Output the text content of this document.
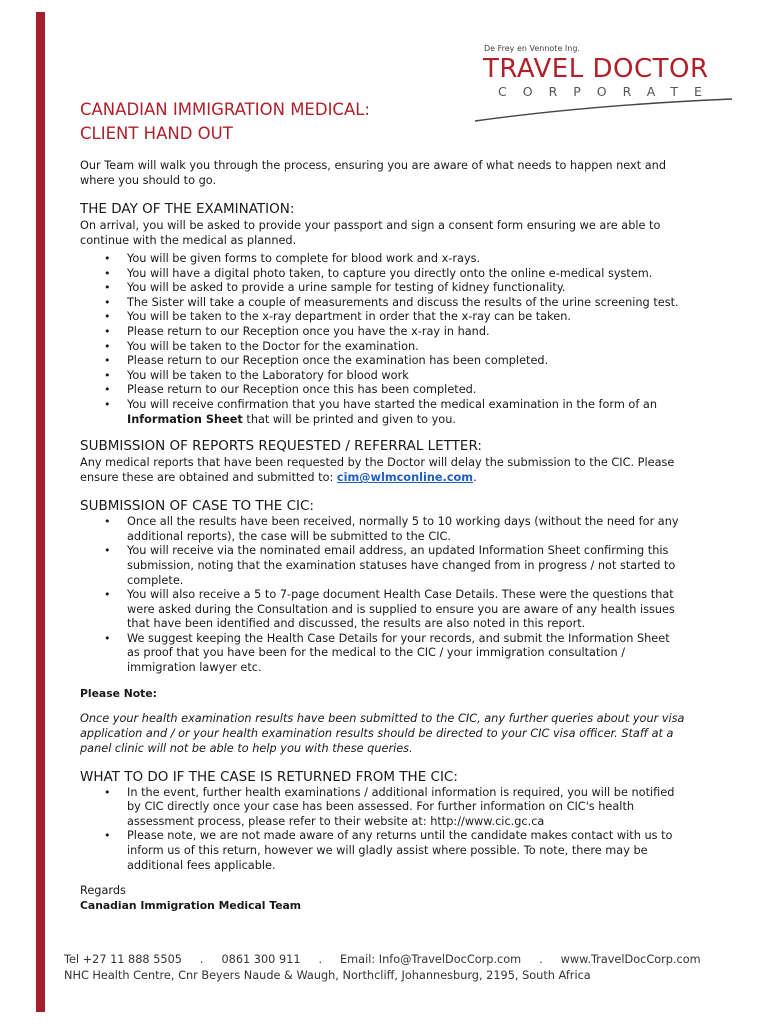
De Frey en Vennote Ing.
TRAVEL DOCTOR
CORPORATE
CANADIAN IMMIGRATION MEDICAL:
CLIENT HAND OUT

Our Team will walk you through the process, ensuring you are aware of what needs to happen next and where you should to go.

THE DAY OF THE EXAMINATION:

On arrival, you will be asked to provide your passport and sign a consent form ensuring we are able to continue with the medical as planned.

• You will be given forms to complete for blood work and x-rays.
• You will have a digital photo taken, to capture you directly onto the online e-medical system.
• You will be asked to provide a urine sample for testing of kidney functionality.
• The Sister will take a couple of measurements and discuss the results of the urine screening test.
• You will be taken to the x-ray department in order that the x-ray can be taken.
• Please return to our Reception once you have the x-ray in hand.
• You will be taken to the Doctor for the examination.
• Please return to our Reception once the examination has been completed.
• You will be taken to the Laboratory for blood work
• Please return to our Reception once this has been completed.
• You will receive confirmation that you have started the medical examination in the form of an Information Sheet that will be printed and given to you.
SUBMISSION OF REPORTS REQUESTED / REFERRAL LETTER:

Any medical reports that have been requested by the Doctor will delay the submission to the CIC. Please ensure these are obtained and submitted to: cim@wlmconline.com.

SUBMISSION OF CASE TO THE CIC:
• Once all the results have been received, normally 5 to 10 working days (without the need for any additional reports), the case will be submitted to the CIC.
• You will receive via the nominated email address, an updated Information Sheet confirming this submission, noting that the examination statuses have changed from in progress / not started to complete.
• You will also receive a 5 to 7-page document Health Case Details. These were the questions that were asked during the Consultation and is supplied to ensure you are aware of any health issues that have been identified and discussed, the results are also noted in this report.
• We suggest keeping the Health Case Details for your records, and submit the Information Sheet as proof that you have been for the medical to the CIC / your immigration consultation / immigration lawyer etc.

Please Note:

Once your health examination results have been submitted to the CIC, any further queries about your visa application and / or your health examination results should be directed to your CIC visa officer. Staff at a panel clinic will not be able to help you with these queries.

WHAT TO DO IF THE CASE IS RETURNED FROM THE CIC:
• In the event, further health examinations / additional information is required, you will be notified by CIC directly once your case has been assessed. For further information on CIC's health assessment process, please refer to their website at: http://www.cic.gc.ca
• Please note, we are not made aware of any returns until the candidate makes contact with us to inform us of this return, however we will gladly assist where possible. To note, there may be additional fees applicable.

Regards

Canadian Immigration Medical Team

Tel +27 11 888 5505     .     0861 300 911     .     Email: Info@TravelDocCorp.com     .     www.TravelDocCorp.com
NHC Health Centre, Cnr Beyers Naude & Waugh, Northcliff, Johannesburg, 2195, South Africa
